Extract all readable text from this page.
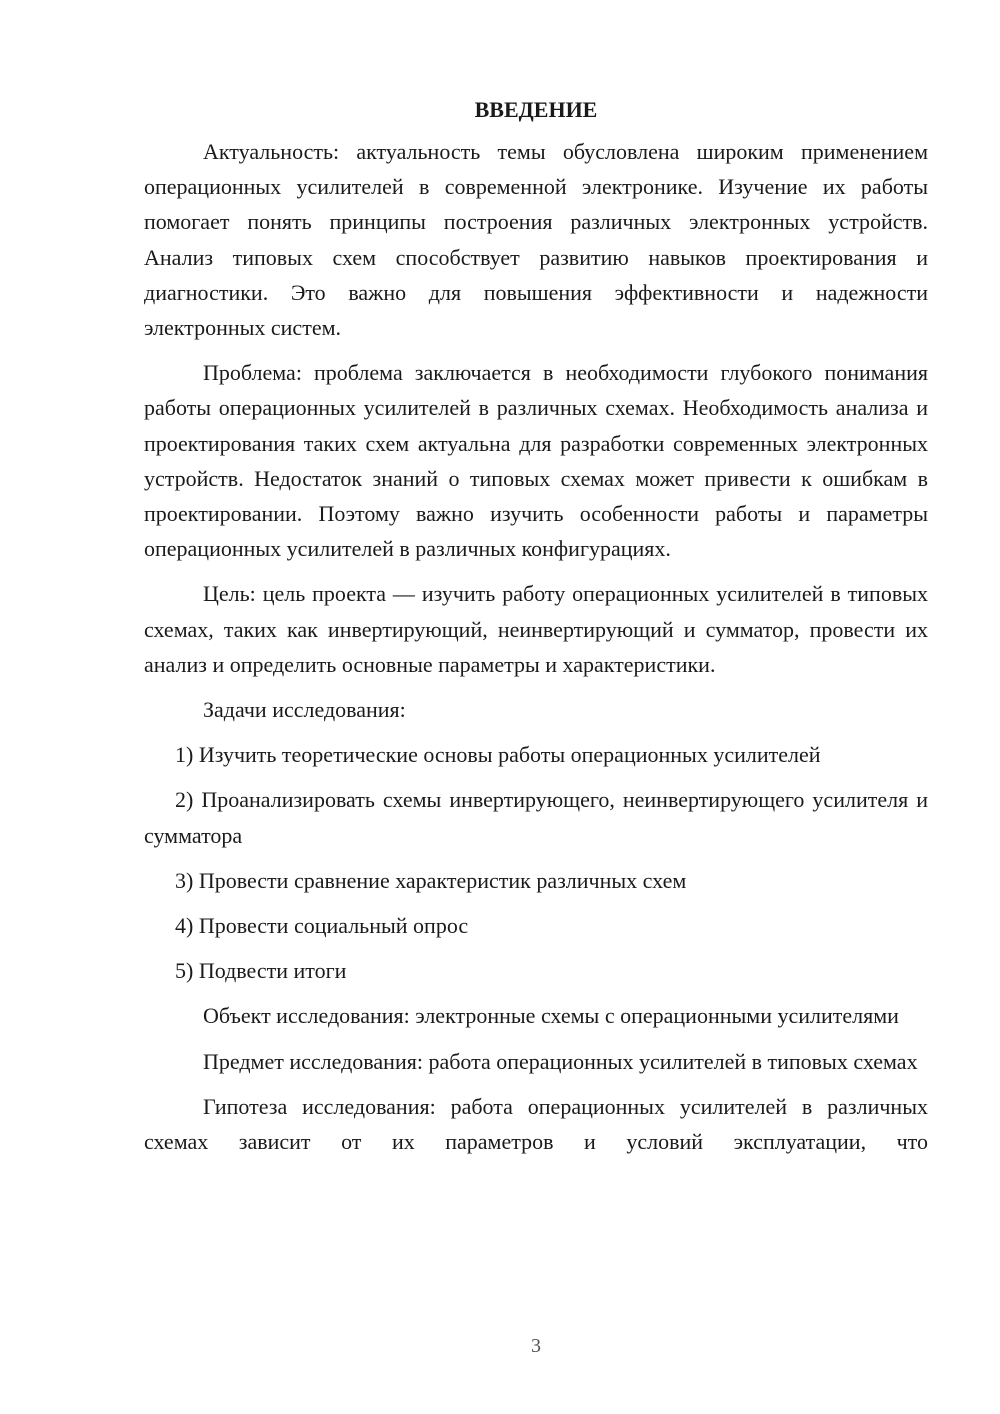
ВВЕДЕНИЕ

Актуальность: актуальность темы обусловлена широким применением операционных усилителей в современной электронике. Изучение их работы помогает понять принципы построения различных электронных устройств. Анализ типовых схем способствует развитию навыков проектирования и диагностики. Это важно для повышения эффективности и надежности электронных систем.

Проблема: проблема заключается в необходимости глубокого понимания работы операционных усилителей в различных схемах. Необходимость анализа и проектирования таких схем актуальна для разработки современных электронных устройств. Недостаток знаний о типовых схемах может привести к ошибкам в проектировании. Поэтому важно изучить особенности работы и параметры операционных усилителей в различных конфигурациях.

Цель: цель проекта — изучить работу операционных усилителей в типовых схемах, таких как инвертирующий, неинвертирующий и сумматор, провести их анализ и определить основные параметры и характеристики.

Задачи исследования:

1) Изучить теоретические основы работы операционных усилителей

2) Проанализировать схемы инвертирующего, неинвертирующего усилителя и сумматора

3) Провести сравнение характеристик различных схем

4) Провести социальный опрос

5) Подвести итоги

Объект исследования: электронные схемы с операционными усилителями

Предмет исследования: работа операционных усилителей в типовых схемах

Гипотеза исследования: работа операционных усилителей в различных схемах зависит от их параметров и условий эксплуатации, что

3
